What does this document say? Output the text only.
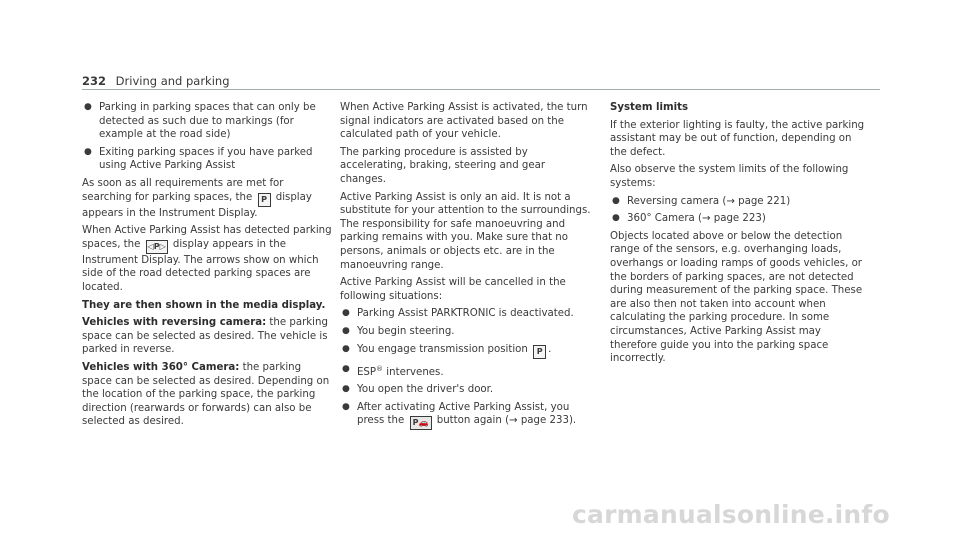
232 Driving and parking
● Parking in parking spaces that can only be detected as such due to markings (for example at the road side)
● Exiting parking spaces if you have parked using Active Parking Assist

As soon as all requirements are met for searching for parking spaces, the P display appears in the Instrument Display.

When Active Parking Assist has detected parking spaces, the ◁P▷ display appears in the Instrument Display. The arrows show on which side of the road detected parking spaces are located.

They are then shown in the media display.

Vehicles with reversing camera: the parking space can be selected as desired. The vehicle is parked in reverse.

Vehicles with 360° Camera: the parking space can be selected as desired. Depending on the location of the parking space, the parking direction (rearwards or forwards) can also be selected as desired.

When Active Parking Assist is activated, the turn signal indicators are activated based on the calculated path of your vehicle.

The parking procedure is assisted by accelerating, braking, steering and gear changes.

Active Parking Assist is only an aid. It is not a substitute for your attention to the surroundings. The responsibility for safe manoeuvring and parking remains with you. Make sure that no persons, animals or objects etc. are in the manoeuvring range.

Active Parking Assist will be cancelled in the following situations:

● Parking Assist PARKTRONIC is deactivated.
● You begin steering.
● You engage transmission position P .
● ESP® intervenes.
● You open the driver's door.
● After activating Active Parking Assist, you press the P🚗 button again (→ page 233).

System limits

If the exterior lighting is faulty, the active parking assistant may be out of function, depending on the defect.

Also observe the system limits of the following systems:

● Reversing camera (→ page 221)
● 360° Camera (→ page 223)

Objects located above or below the detection range of the sensors, e.g. overhanging loads, overhangs or loading ramps of goods vehicles, or the borders of parking spaces, are not detected during measurement of the parking space. These are also then not taken into account when calculating the parking procedure. In some circumstances, Active Parking Assist may therefore guide you into the parking space incorrectly.

carmanualsonline.info
